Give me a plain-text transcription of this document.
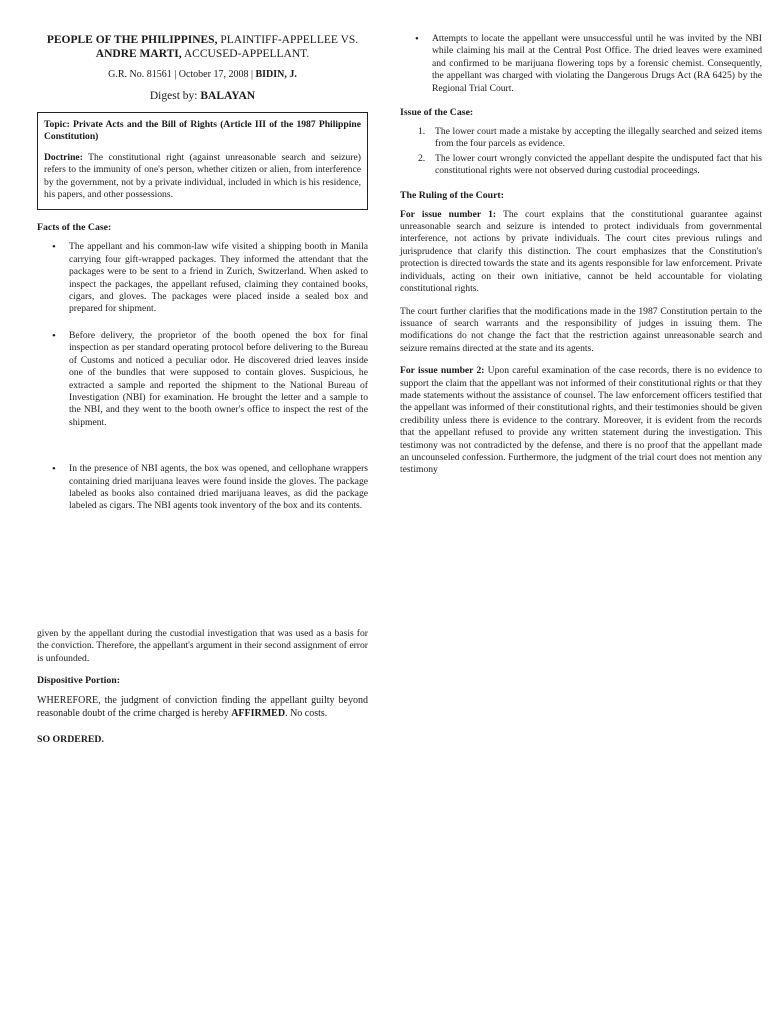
PEOPLE OF THE PHILIPPINES, PLAINTIFF-APPELLEE VS.
ANDRE MARTI, ACCUSED-APPELLANT.
G.R. No. 81561 | October 17, 2008 | BIDIN, J.
Digest by: BALAYAN
Topic: Private Acts and the Bill of Rights (Article III of the 1987 Philippine Constitution)
Doctrine: The constitutional right (against unreasonable search and seizure) refers to the immunity of one's person, whether citizen or alien, from interference by the government, not by a private individual, included in which is his residence, his papers, and other possessions.
Facts of the Case:
• The appellant and his common-law wife visited a shipping booth in Manila carrying four gift-wrapped packages. They informed the attendant that the packages were to be sent to a friend in Zurich, Switzerland. When asked to inspect the packages, the appellant refused, claiming they contained books, cigars, and gloves. The packages were placed inside a sealed box and prepared for shipment.
• Before delivery, the proprietor of the booth opened the box for final inspection as per standard operating protocol before delivering to the Bureau of Customs and noticed a peculiar odor. He discovered dried leaves inside one of the bundles that were supposed to contain gloves. Suspicious, he extracted a sample and reported the shipment to the National Bureau of Investigation (NBI) for examination. He brought the letter and a sample to the NBI, and they went to the booth owner's office to inspect the rest of the shipment.
• In the presence of NBI agents, the box was opened, and cellophane wrappers containing dried marijuana leaves were found inside the gloves. The package labeled as books also contained dried marijuana leaves, as did the package labeled as cigars. The NBI agents took inventory of the box and its contents.
• Attempts to locate the appellant were unsuccessful until he was invited by the NBI while claiming his mail at the Central Post Office. The dried leaves were examined and confirmed to be marijuana flowering tops by a forensic chemist. Consequently, the appellant was charged with violating the Dangerous Drugs Act (RA 6425) by the Regional Trial Court.
Issue of the Case:
1. The lower court made a mistake by accepting the illegally searched and seized items from the four parcels as evidence.
2. The lower court wrongly convicted the appellant despite the undisputed fact that his constitutional rights were not observed during custodial proceedings.
The Ruling of the Court:

For issue number 1: The court explains that the constitutional guarantee against unreasonable search and seizure is intended to protect individuals from governmental interference, not actions by private individuals. The court cites previous rulings and jurisprudence that clarify this distinction. The court emphasizes that the Constitution's protection is directed towards the state and its agents responsible for law enforcement. Private individuals, acting on their own initiative, cannot be held accountable for violating constitutional rights.

The court further clarifies that the modifications made in the 1987 Constitution pertain to the issuance of search warrants and the responsibility of judges in issuing them. The modifications do not change the fact that the restriction against unreasonable search and seizure remains directed at the state and its agents.

For issue number 2: Upon careful examination of the case records, there is no evidence to support the claim that the appellant was not informed of their constitutional rights or that they made statements without the assistance of counsel. The law enforcement officers testified that the appellant was informed of their constitutional rights, and their testimonies should be given credibility unless there is evidence to the contrary. Moreover, it is evident from the records that the appellant refused to provide any written statement during the investigation. This testimony was not contradicted by the defense, and there is no proof that the appellant made an uncounseled confession. Furthermore, the judgment of the trial court does not mention any testimony

given by the appellant during the custodial investigation that was used as a basis for the conviction. Therefore, the appellant's argument in their second assignment of error is unfounded.

Dispositive Portion:

WHEREFORE, the judgment of conviction finding the appellant guilty beyond reasonable doubt of the crime charged is hereby AFFIRMED. No costs.

SO ORDERED.
